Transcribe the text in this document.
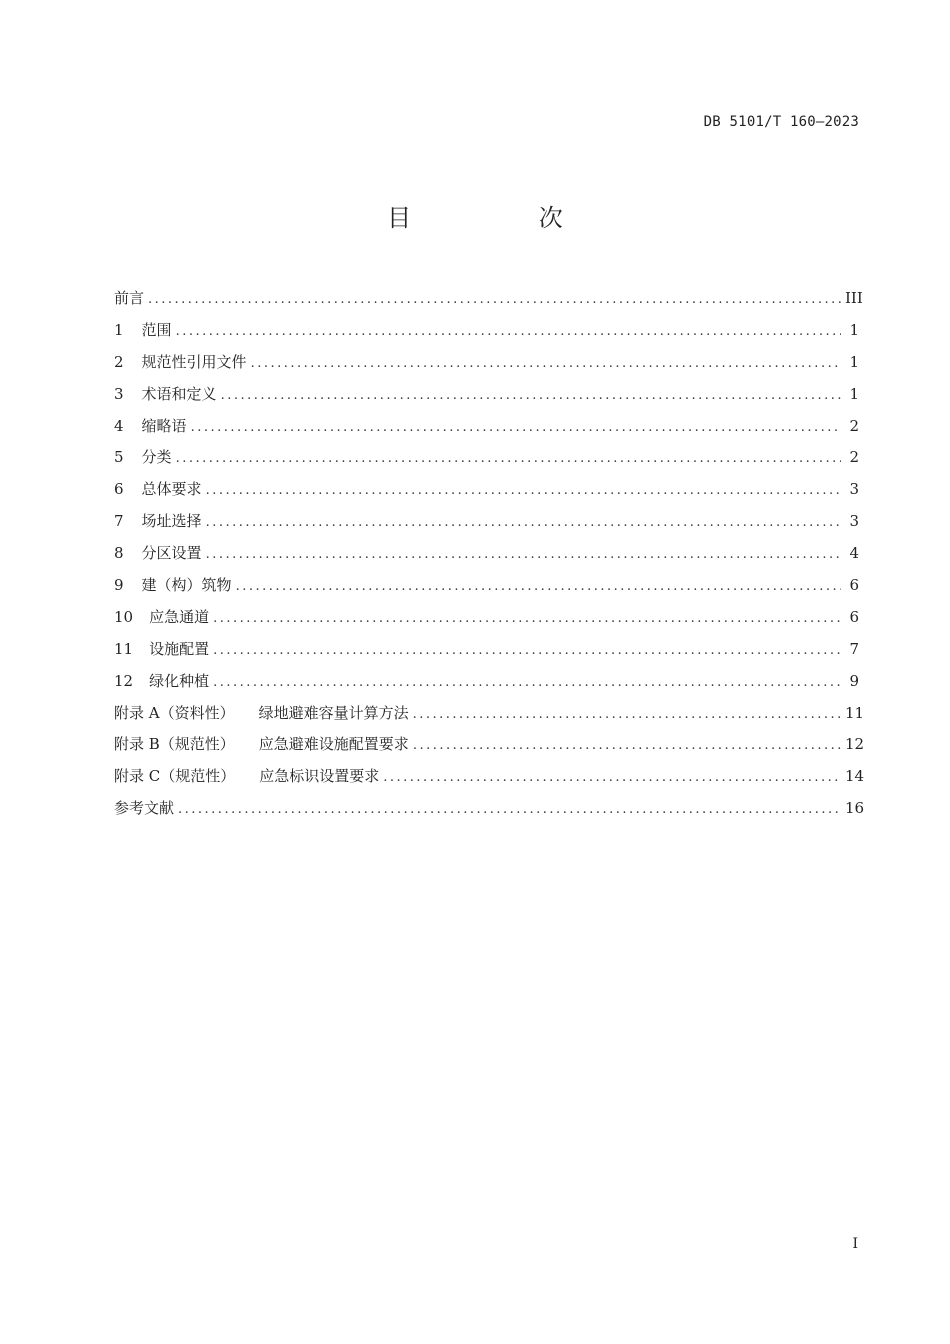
DB 5101/T 160—2023
目 次
前言 .....	III
1 范围 .....	1
2 规范性引用文件 .....	1
3 术语和定义 .....	1
4 缩略语 .....	2
5 分类 .....	2
6 总体要求 .....	3
7 场址选择 .....	3
8 分区设置 .....	4
9 建（构）筑物 .....	6
10 应急通道 .....	6
11 设施配置 .....	7
12 绿化种植 .....	9
附录 A（资料性） 绿地避难容量计算方法 .....	11
附录 B（规范性） 应急避难设施配置要求 .....	12
附录 C（规范性） 应急标识设置要求 .....	14
参考文献 .....	16
I
